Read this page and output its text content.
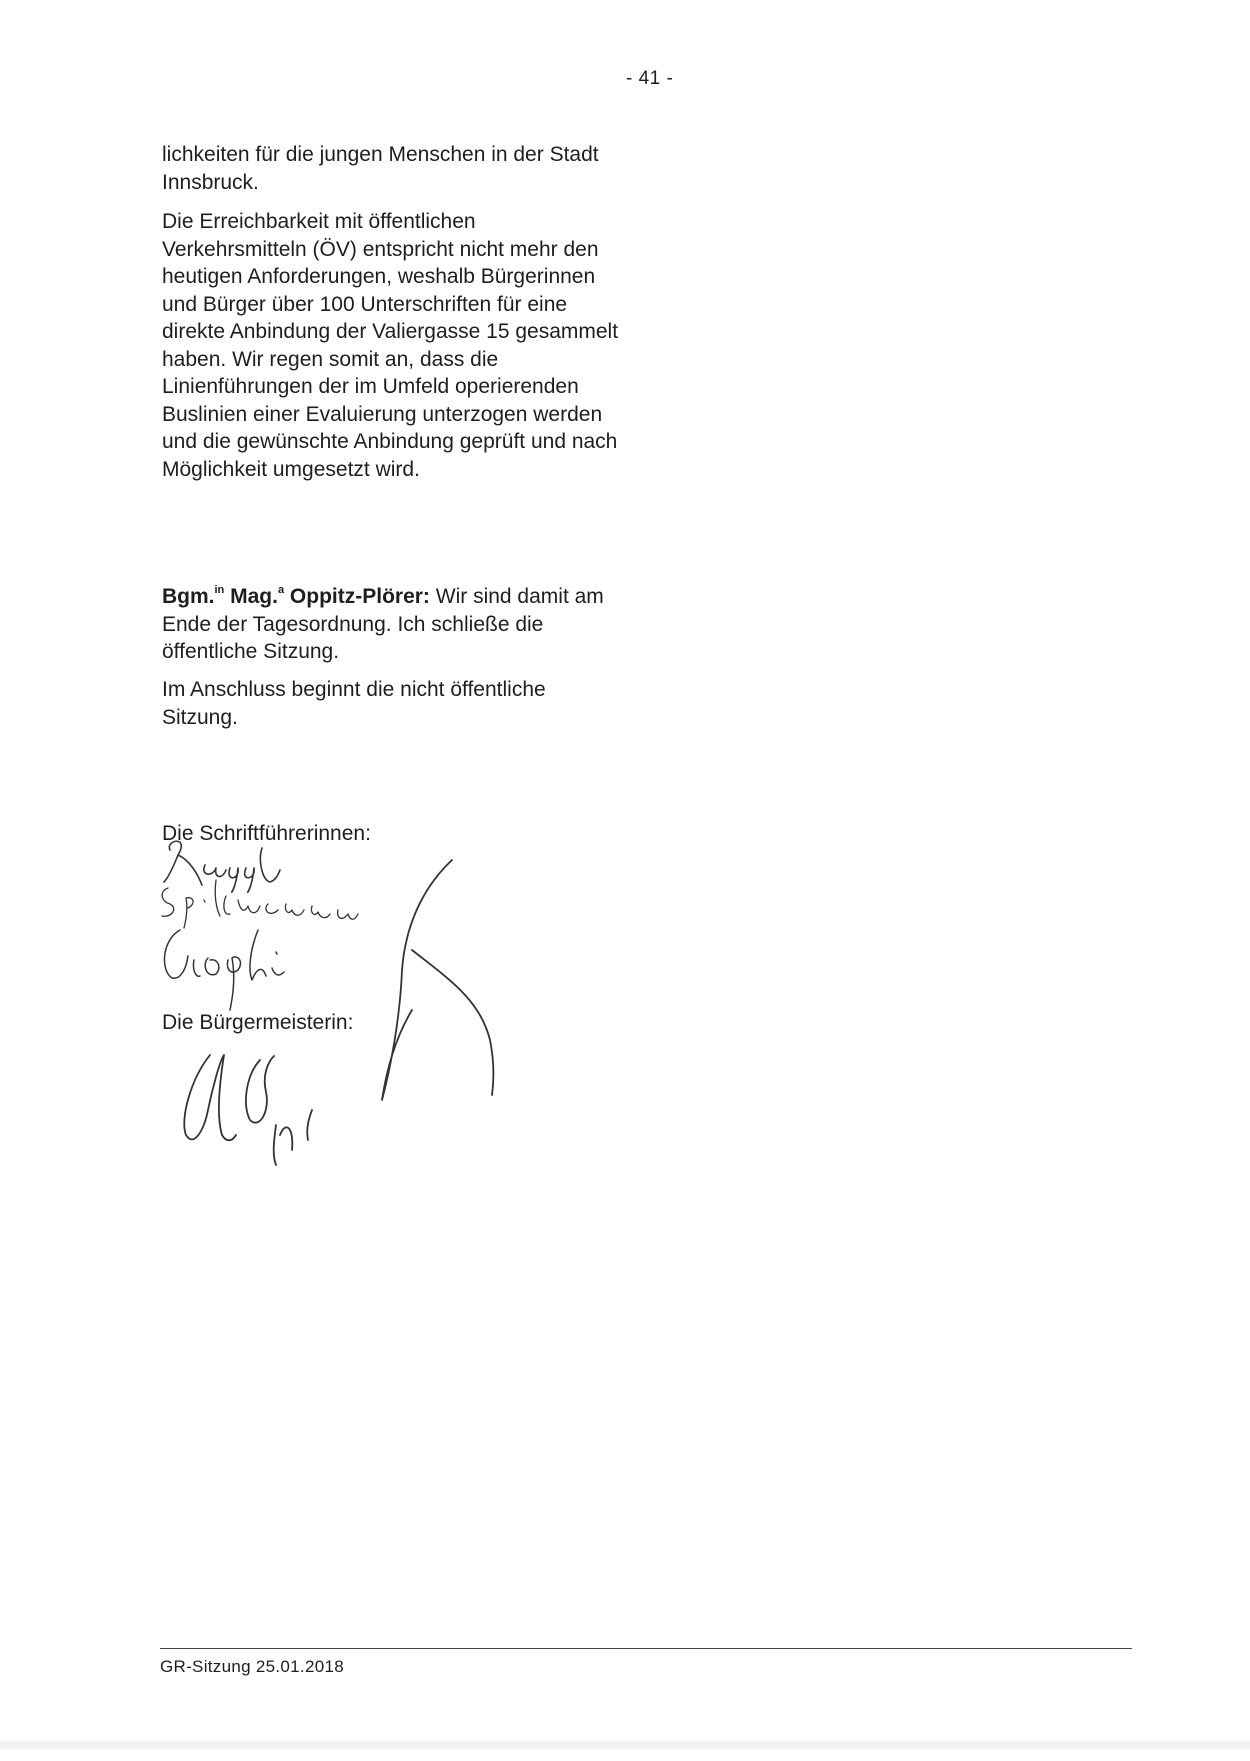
- 41 -

lichkeiten für die jungen Menschen in der Stadt Innsbruck.

Die Erreichbarkeit mit öffentlichen Verkehrsmitteln (ÖV) entspricht nicht mehr den heutigen Anforderungen, weshalb Bürgerinnen und Bürger über 100 Unterschriften für eine direkte Anbindung der Valiergasse 15 gesammelt haben. Wir regen somit an, dass die Linienführungen der im Umfeld operierenden Buslinien einer Evaluierung unterzogen werden und die gewünschte Anbindung geprüft und nach Möglichkeit umgesetzt wird.

Bgm.$^{in}$ Mag.$^a$ Oppitz-Plörer: Wir sind damit am Ende der Tagesordnung. Ich schließe die öffentliche Sitzung.

Im Anschluss beginnt die nicht öffentliche Sitzung.

Die Schriftführerinnen:
Die Bürgermeisterin:
GR-Sitzung 25.01.2018
